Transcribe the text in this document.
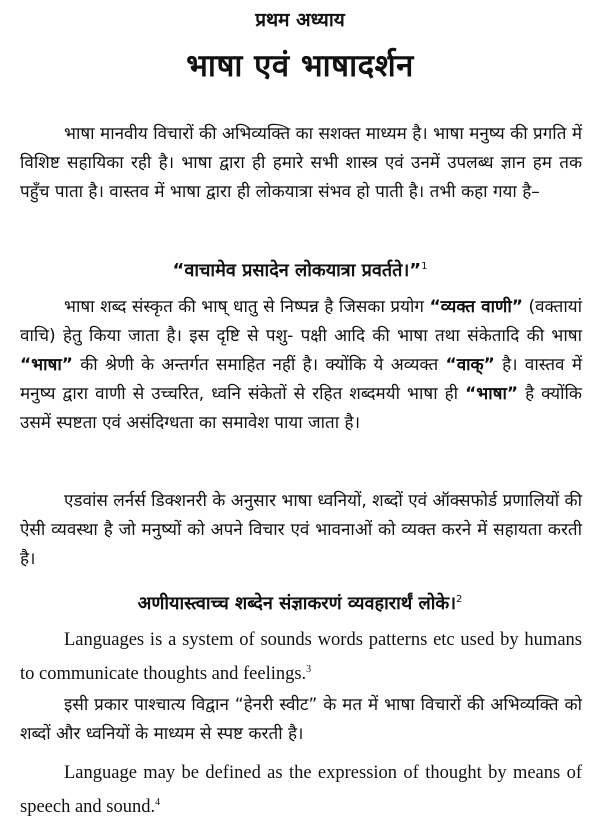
प्रथम अध्याय
भाषा एवं भाषादर्शन
भाषा मानवीय विचारों की अभिव्यक्ति का सशक्त माध्यम है। भाषा मनुष्य की प्रगति में विशिष्ट सहायिका रही है। भाषा द्वारा ही हमारे सभी शास्त्र एवं उनमें उपलब्ध ज्ञान हम तक पहुँच पाता है। वास्तव में भाषा द्वारा ही लोकयात्रा संभव हो पाती है। तभी कहा गया है–
“वाचामेव प्रसादेन लोकयात्रा प्रवर्तते।”$^1$
भाषा शब्द संस्कृत की भाष् धातु से निष्पन्न है जिसका प्रयोग “व्यक्त वाणी” (वक्तायां वाचि) हेतु किया जाता है। इस दृष्टि से पशु- पक्षी आदि की भाषा तथा संकेतादि की भाषा “भाषा” की श्रेणी के अन्तर्गत समाहित नहीं है। क्योंकि ये अव्यक्त “वाक्” है। वास्तव में मनुष्य द्वारा वाणी से उच्चरित, ध्वनि संकेतों से रहित शब्दमयी भाषा ही “भाषा” है क्योंकि उसमें स्पष्टता एवं असंदिग्धता का समावेश पाया जाता है।
एडवांस लर्नर्स डिक्शनरी के अनुसार भाषा ध्वनियों, शब्दों एवं ऑक्सफोर्ड प्रणालियों की ऐसी व्यवस्था है जो मनुष्यों को अपने विचार एवं भावनाओं को व्यक्त करने में सहायता करती है।
अणीयास्त्वाच्च शब्देन संज्ञाकरणं व्यवहारार्थं लोके।$^2$
Languages is a system of sounds words patterns etc used by humans to communicate thoughts and feelings.$^3$
इसी प्रकार पाश्चात्य विद्वान “हेनरी स्वीट” के मत में भाषा विचारों की अभिव्यक्ति को शब्दों और ध्वनियों के माध्यम से स्पष्ट करती है।
Language may be defined as the expression of thought by means of speech and sound.$^4$
